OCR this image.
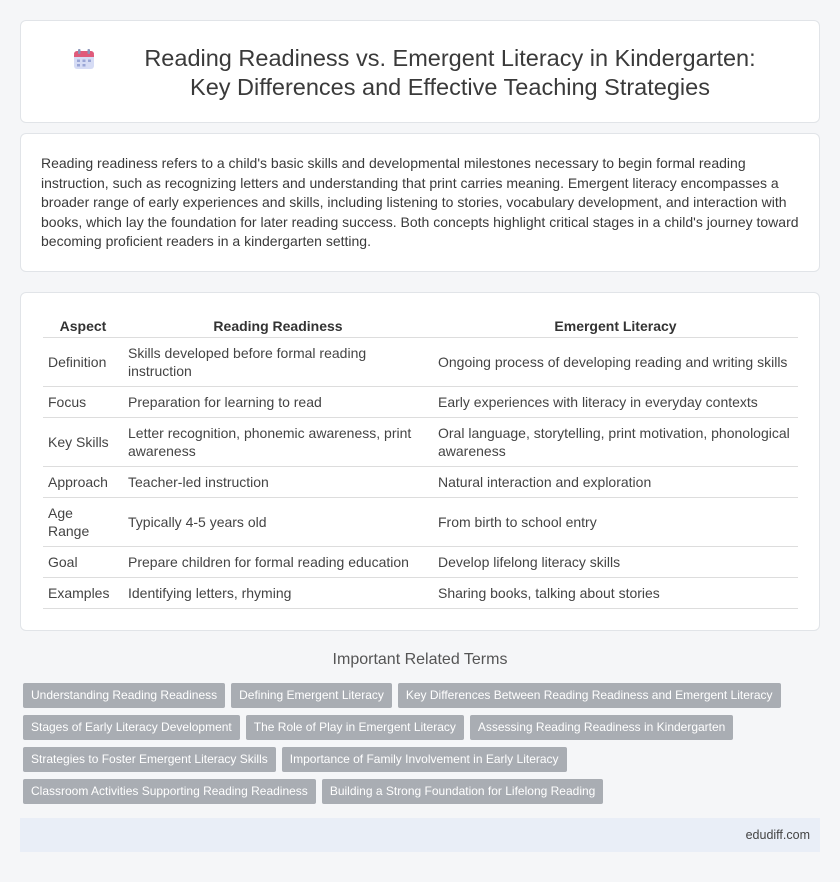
Reading Readiness vs. Emergent Literacy in Kindergarten: Key Differences and Effective Teaching Strategies

Reading readiness refers to a child's basic skills and developmental milestones necessary to begin formal reading instruction, such as recognizing letters and understanding that print carries meaning. Emergent literacy encompasses a broader range of early experiences and skills, including listening to stories, vocabulary development, and interaction with books, which lay the foundation for later reading success. Both concepts highlight critical stages in a child's journey toward becoming proficient readers in a kindergarten setting.

Aspect	Reading Readiness	Emergent Literacy
Definition	Skills developed before formal reading instruction	Ongoing process of developing reading and writing skills
Focus	Preparation for learning to read	Early experiences with literacy in everyday contexts
Key Skills	Letter recognition, phonemic awareness, print awareness	Oral language, storytelling, print motivation, phonological awareness
Approach	Teacher-led instruction	Natural interaction and exploration
Age Range	Typically 4-5 years old	From birth to school entry
Goal	Prepare children for formal reading education	Develop lifelong literacy skills
Examples	Identifying letters, rhyming	Sharing books, talking about stories
Important Related Terms
Understanding Reading Readiness Defining Emergent Literacy Key Differences Between Reading Readiness and Emergent Literacy
Stages of Early Literacy Development The Role of Play in Emergent Literacy Assessing Reading Readiness in Kindergarten
Strategies to Foster Emergent Literacy Skills Importance of Family Involvement in Early Literacy
Classroom Activities Supporting Reading Readiness Building a Strong Foundation for Lifelong Reading
edudiff.com
